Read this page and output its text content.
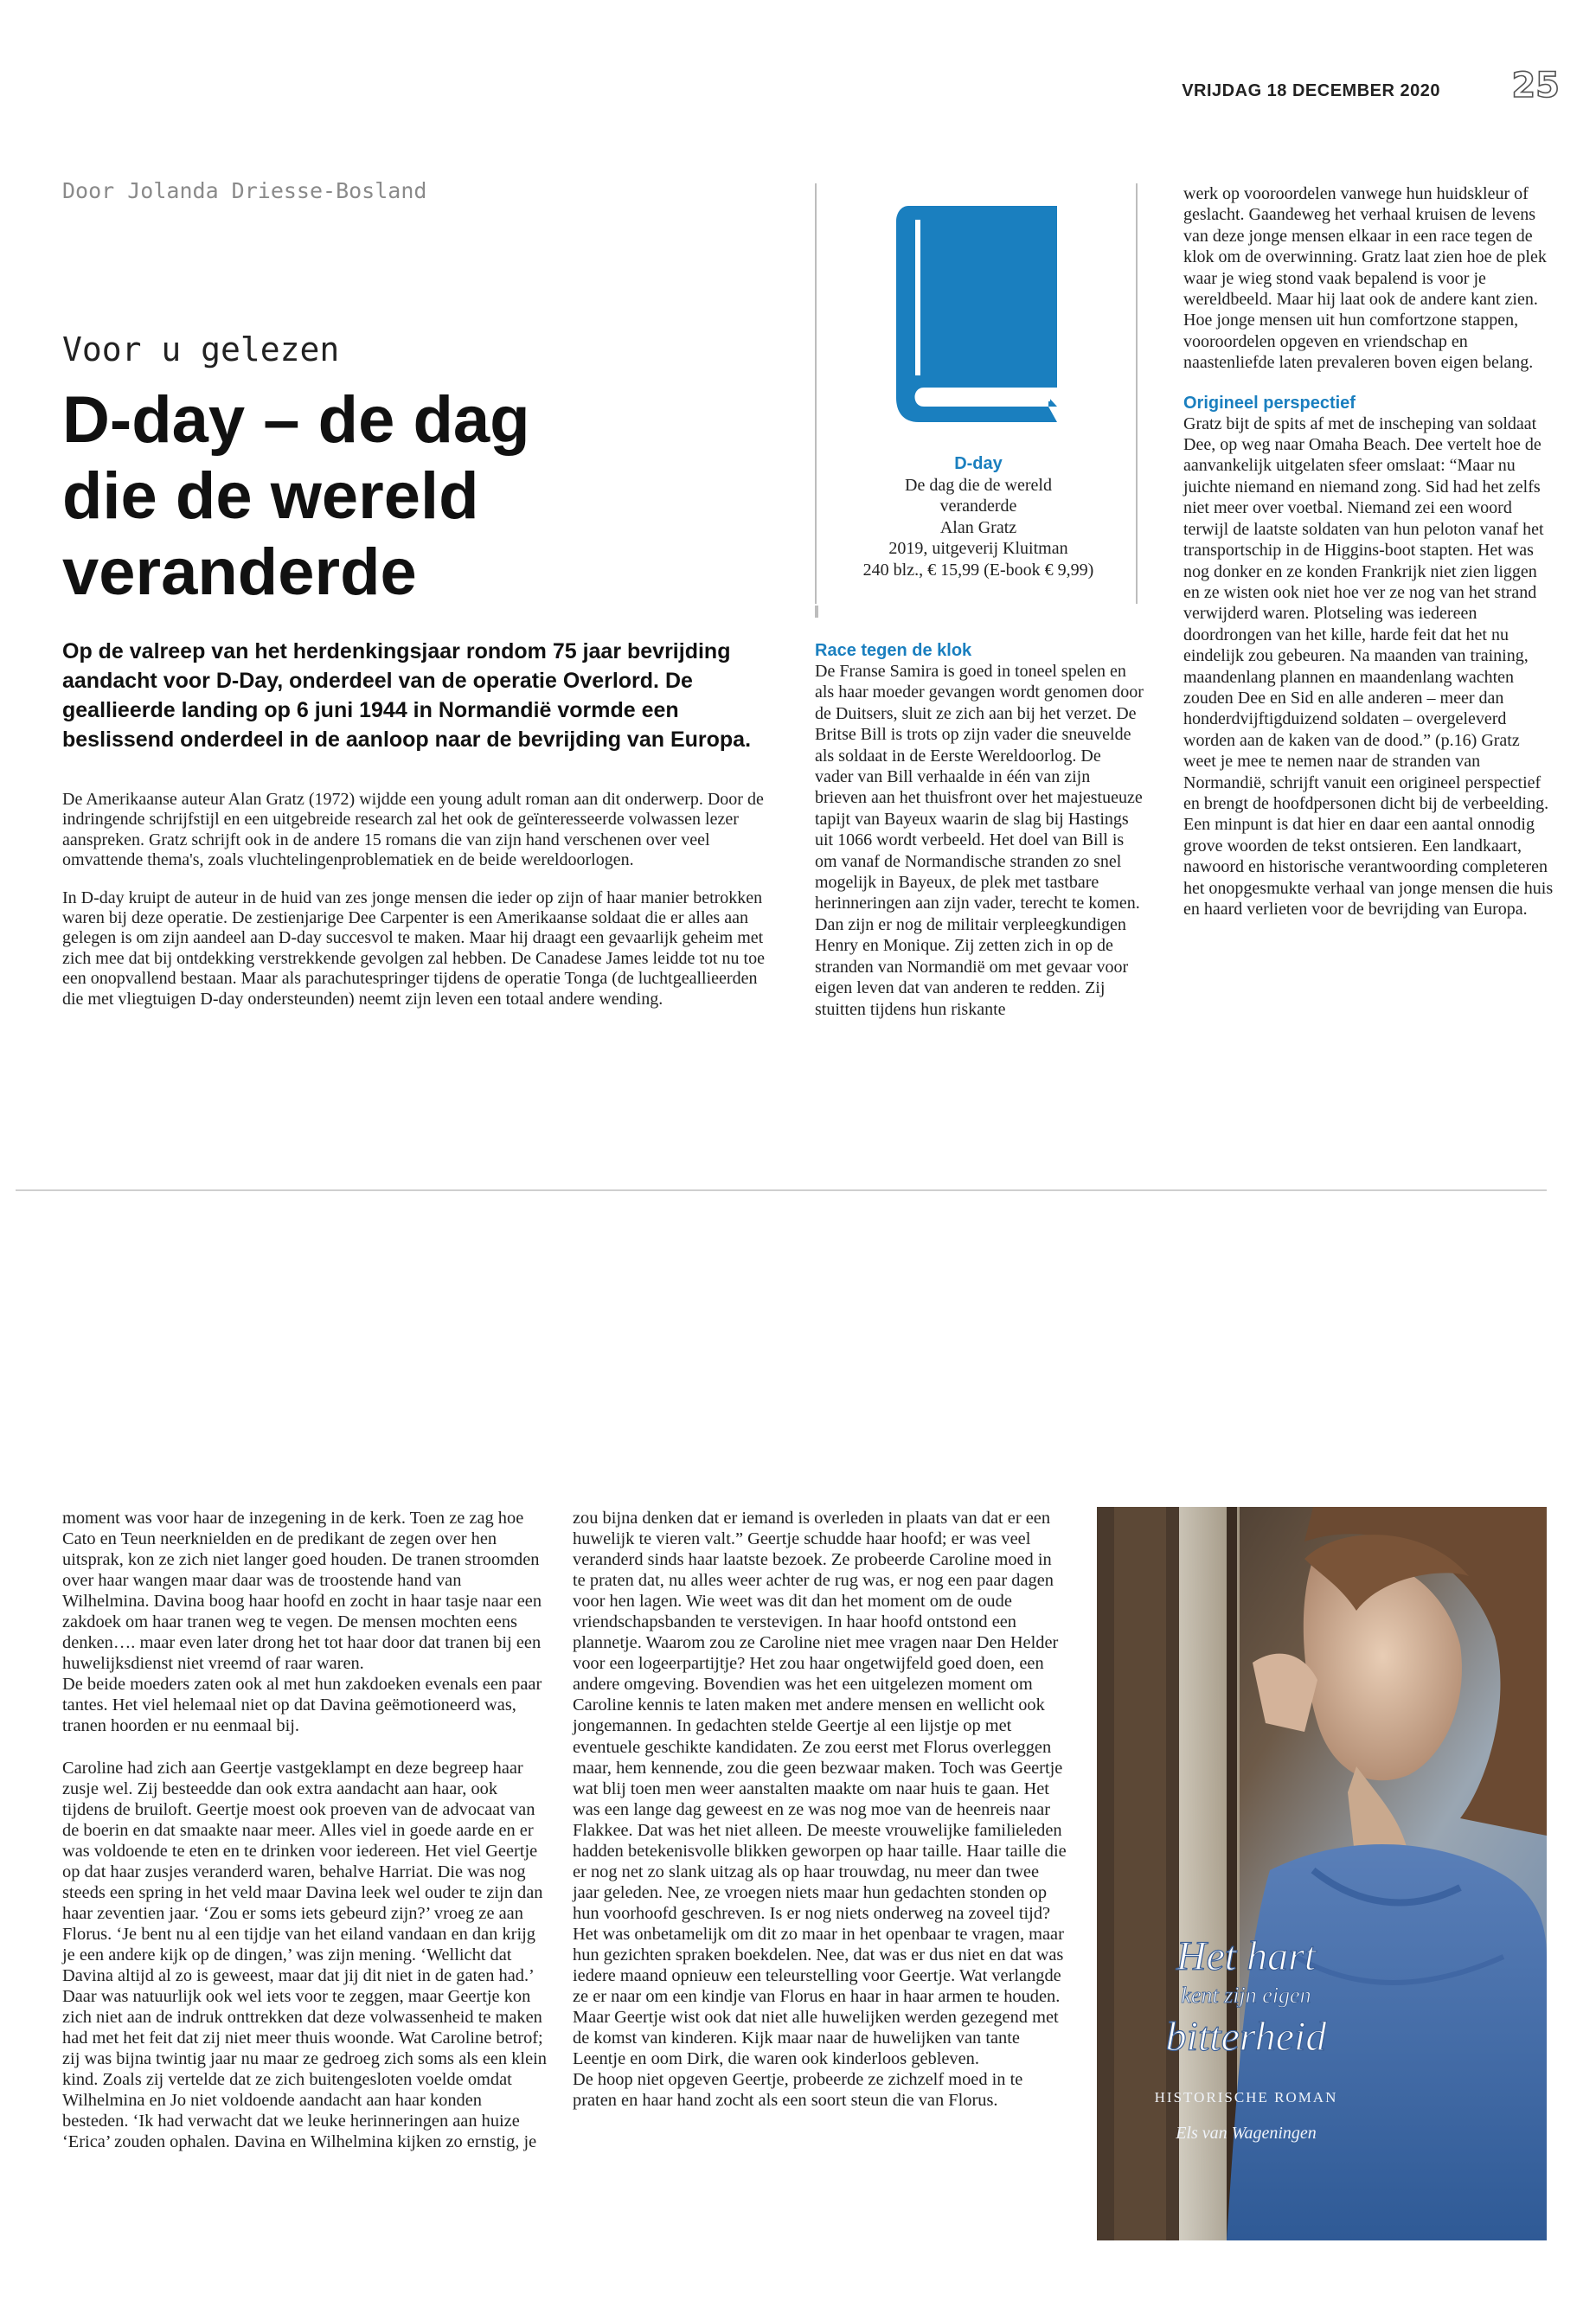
VRIJDAG 18 DECEMBER 2020 25
Door Jolanda Driesse-Bosland
Voor u gelezen
D-day – de dag
die de wereld
veranderde

Op de valreep van het herdenkingsjaar rondom 75 jaar bevrijding aandacht voor D-Day, onderdeel van de operatie Overlord. De geallieerde landing op 6 juni 1944 in Normandië vormde een beslissend onderdeel in de aanloop naar de bevrijding van Europa.

De Amerikaanse auteur Alan Gratz (1972) wijdde een young adult roman aan dit onderwerp. Door de indringende schrijfstijl en een uitgebreide research zal het ook de geïnteresseerde volwassen lezer aanspreken. Gratz schrijft ook in de andere 15 romans die van zijn hand verschenen over veel omvattende thema's, zoals vluchtelingenproblematiek en de beide wereldoorlogen.

In D-day kruipt de auteur in de huid van zes jonge mensen die ieder op zijn of haar manier betrokken waren bij deze operatie. De zestienjarige Dee Carpenter is een Amerikaanse soldaat die er alles aan gelegen is om zijn aandeel aan D-day succesvol te maken. Maar hij draagt een gevaarlijk geheim met zich mee dat bij ontdekking verstrekkende gevolgen zal hebben. De Canadese James leidde tot nu toe een onopvallend bestaan. Maar als parachutespringer tijdens de operatie Tonga (de luchtgeallieerden die met vliegtuigen D-day ondersteunden) neemt zijn leven een totaal andere wending.

D-day
De dag die de wereld
veranderde
Alan Gratz
2019, uitgeverij Kluitman
240 blz., € 15,99 (E-book € 9,99)
Race tegen de klok

De Franse Samira is goed in toneel spelen en als haar moeder gevangen wordt genomen door de Duitsers, sluit ze zich aan bij het verzet. De Britse Bill is trots op zijn vader die sneuvelde als soldaat in de Eerste Wereldoorlog. De vader van Bill verhaalde in één van zijn brieven aan het thuisfront over het majestueuze tapijt van Bayeux waarin de slag bij Hastings uit 1066 wordt verbeeld. Het doel van Bill is om vanaf de Normandische stranden zo snel mogelijk in Bayeux, de plek met tastbare herinneringen aan zijn vader, terecht te komen. Dan zijn er nog de militair verpleegkundigen Henry en Monique. Zij zetten zich in op de stranden van Normandië om met gevaar voor eigen leven dat van anderen te redden. Zij stuitten tijdens hun riskante

werk op vooroordelen vanwege hun huidskleur of geslacht. Gaandeweg het verhaal kruisen de levens van deze jonge mensen elkaar in een race tegen de klok om de overwinning. Gratz laat zien hoe de plek waar je wieg stond vaak bepalend is voor je wereldbeeld. Maar hij laat ook de andere kant zien. Hoe jonge mensen uit hun comfortzone stappen, vooroordelen opgeven en vriendschap en naastenliefde laten prevaleren boven eigen belang.

Origineel perspectief

Gratz bijt de spits af met de inscheping van soldaat Dee, op weg naar Omaha Beach. Dee vertelt hoe de aanvankelijk uitgelaten sfeer omslaat: “Maar nu juichte niemand en niemand zong. Sid had het zelfs niet meer over voetbal. Niemand zei een woord terwijl de laatste soldaten van hun peloton vanaf het transportschip in de Higgins-boot stapten. Het was nog donker en ze konden Frankrijk niet zien liggen en ze wisten ook niet hoe ver ze nog van het strand verwijderd waren. Plotseling was iedereen doordrongen van het kille, harde feit dat het nu eindelijk zou gebeuren. Na maanden van training, maandenlang plannen en maandenlang wachten zouden Dee en Sid en alle anderen – meer dan honderdvijftigduizend soldaten – overgeleverd worden aan de kaken van de dood.” (p.16) Gratz weet je mee te nemen naar de stranden van Normandië, schrijft vanuit een origineel perspectief en brengt de hoofdpersonen dicht bij de verbeelding. Een minpunt is dat hier en daar een aantal onnodig grove woorden de tekst ontsieren. Een landkaart, nawoord en historische verantwoording completeren het onopgesmukte verhaal van jonge mensen die huis en haard verlieten voor de bevrijding van Europa.

moment was voor haar de inzegening in de kerk. Toen ze zag hoe Cato en Teun neerknielden en de predikant de zegen over hen uitsprak, kon ze zich niet langer goed houden. De tranen stroomden over haar wangen maar daar was de troostende hand van Wilhelmina. Davina boog haar hoofd en zocht in haar tasje naar een zakdoek om haar tranen weg te vegen. De mensen mochten eens denken…. maar even later drong het tot haar door dat tranen bij een huwelijksdienst niet vreemd of raar waren.

De beide moeders zaten ook al met hun zakdoeken evenals een paar tantes. Het viel helemaal niet op dat Davina geëmotioneerd was, tranen hoorden er nu eenmaal bij.

Caroline had zich aan Geertje vastgeklampt en deze begreep haar zusje wel. Zij besteedde dan ook extra aandacht aan haar, ook tijdens de bruiloft. Geertje moest ook proeven van de advocaat van de boerin en dat smaakte naar meer. Alles viel in goede aarde en er was voldoende te eten en te drinken voor iedereen. Het viel Geertje op dat haar zusjes veranderd waren, behalve Harriat. Die was nog steeds een spring in het veld maar Davina leek wel ouder te zijn dan haar zeventien jaar. ‘Zou er soms iets gebeurd zijn?’ vroeg ze aan Florus. ‘Je bent nu al een tijdje van het eiland vandaan en dan krijg je een andere kijk op de dingen,’ was zijn mening. ‘Wellicht dat Davina altijd al zo is geweest, maar dat jij dit niet in de gaten had.’ Daar was natuurlijk ook wel iets voor te zeggen, maar Geertje kon zich niet aan de indruk onttrekken dat deze volwassenheid te maken had met het feit dat zij niet meer thuis woonde. Wat Caroline betrof; zij was bijna twintig jaar nu maar ze gedroeg zich soms als een klein kind. Zoals zij vertelde dat ze zich buitengesloten voelde omdat Wilhelmina en Jo niet voldoende aandacht aan haar konden besteden. ‘Ik had verwacht dat we leuke herinneringen aan huize ‘Erica’ zouden ophalen. Davina en Wilhelmina kijken zo ernstig, je

zou bijna denken dat er iemand is overleden in plaats van dat er een huwelijk te vieren valt.” Geertje schudde haar hoofd; er was veel veranderd sinds haar laatste bezoek. Ze probeerde Caroline moed in te praten dat, nu alles weer achter de rug was, er nog een paar dagen voor hen lagen. Wie weet was dit dan het moment om de oude vriendschapsbanden te verstevigen. In haar hoofd ontstond een plannetje. Waarom zou ze Caroline niet mee vragen naar Den Helder voor een logeerpartijtje? Het zou haar ongetwijfeld goed doen, een andere omgeving. Bovendien was het een uitgelezen moment om Caroline kennis te laten maken met andere mensen en wellicht ook jongemannen. In gedachten stelde Geertje al een lijstje op met eventuele geschikte kandidaten. Ze zou eerst met Florus overleggen maar, hem kennende, zou die geen bezwaar maken. Toch was Geertje wat blij toen men weer aanstalten maakte om naar huis te gaan. Het was een lange dag geweest en ze was nog moe van de heenreis naar Flakkee. Dat was het niet alleen. De meeste vrouwelijke familieleden hadden betekenisvolle blikken geworpen op haar taille. Haar taille die er nog net zo slank uitzag als op haar trouwdag, nu meer dan twee jaar geleden. Nee, ze vroegen niets maar hun gedachten stonden op hun voorhoofd geschreven. Is er nog niets onderweg na zoveel tijd? Het was onbetamelijk om dit zo maar in het openbaar te vragen, maar hun gezichten spraken boekdelen. Nee, dat was er dus niet en dat was iedere maand opnieuw een teleurstelling voor Geertje. Wat verlangde ze er naar om een kindje van Florus en haar in haar armen te houden. Maar Geertje wist ook dat niet alle huwelijken werden gezegend met de komst van kinderen. Kijk maar naar de huwelijken van tante Leentje en oom Dirk, die waren ook kinderloos gebleven.

De hoop niet opgeven Geertje, probeerde ze zichzelf moed in te praten en haar hand zocht als een soort steun die van Florus.

Het hart
kent zijn eigen
bitterheid
HISTORISCHE ROMAN
Els van Wageningen
